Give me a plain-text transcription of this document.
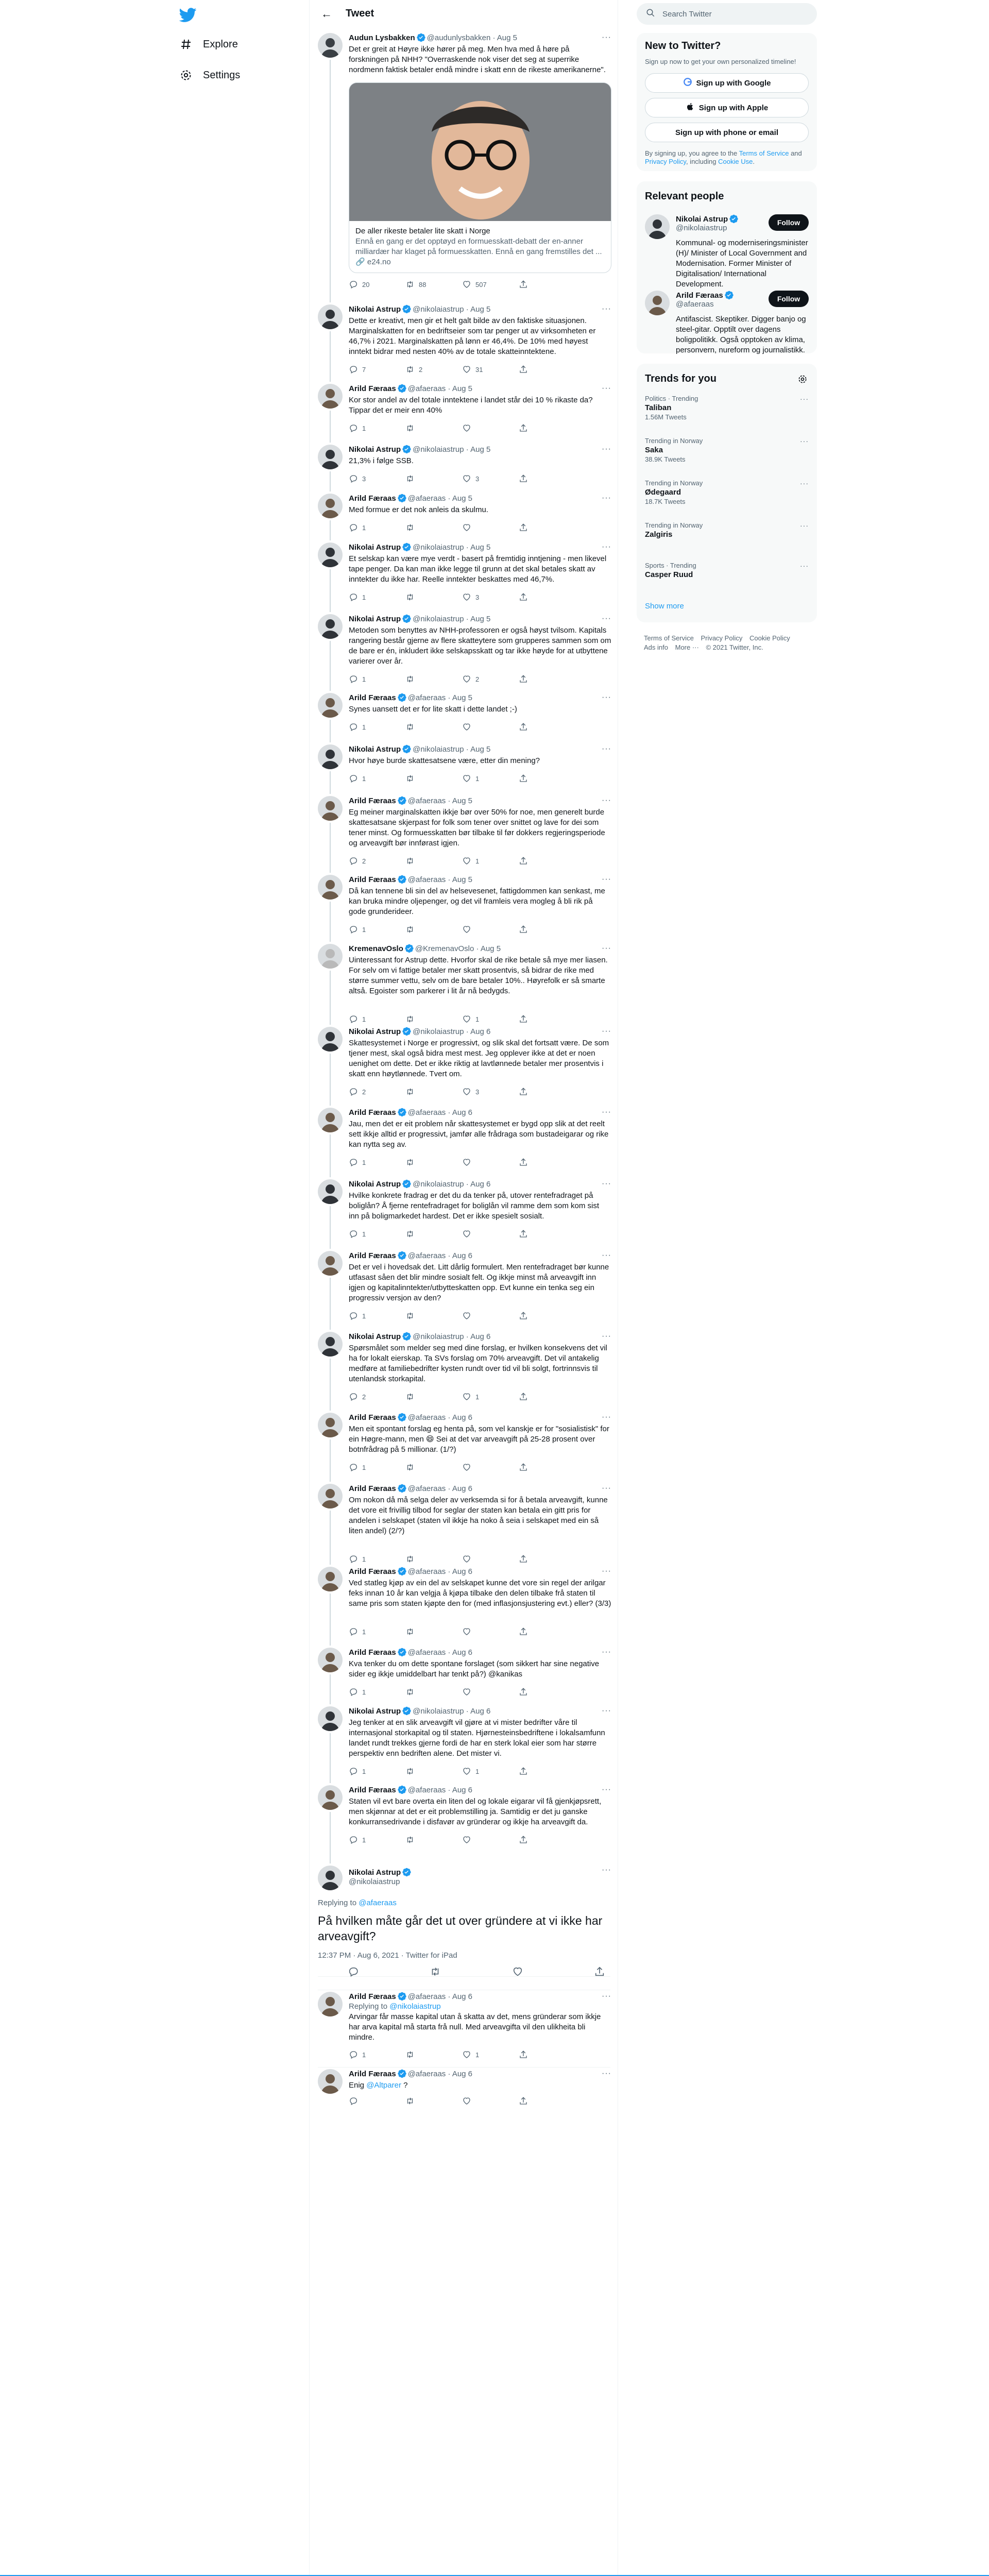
Explore
Settings
←	Tweet
Audun Lysbakken @audunlysbakken · Aug 5	···
Det er greit at Høyre ikke hører på meg. Men hva med å høre på forskningen på NHH? "Overraskende nok viser det seg at superrike nordmenn faktisk betaler endå mindre i skatt enn de rikeste amerikanerne".
De aller rikeste betaler lite skatt i Norge
Ennå en gang er det opptøyd en formuesskatt-debatt der en-anner milliardær har klaget på formuesskatten. Ennå en gang fremstilles det ...
🔗 e24.no
20	88	507
Nikolai Astrup @nikolaiastrup · Aug 5	···
Dette er kreativt, men gir et helt galt bilde av den faktiske situasjonen. Marginalskatten for en bedriftseier som tar penger ut av virksomheten er 46,7% i 2021. Marginalskatten på lønn er 46,4%. De 10% med høyest inntekt bidrar med nesten 40% av de totale skatteinntektene.
7	2	31
Arild Færaas @afaeraas · Aug 5	···
Kor stor andel av del totale inntektene i landet står dei 10 % rikaste da? Tippar det er meir enn 40%
1
Nikolai Astrup @nikolaiastrup · Aug 5	···
21,3% i følge SSB.
3	3
Arild Færaas @afaeraas · Aug 5	···
Med formue er det nok anleis da skulmu.
1
Nikolai Astrup @nikolaiastrup · Aug 5	···
Et selskap kan være mye verdt - basert på fremtidig inntjening - men likevel tape penger. Da kan man ikke legge til grunn at det skal betales skatt av inntekter du ikke har. Reelle inntekter beskattes med 46,7%.
1	3
Nikolai Astrup @nikolaiastrup · Aug 5	···
Metoden som benyttes av NHH-professoren er også høyst tvilsom. Kapitals rangering består gjerne av flere skatteytere som grupperes sammen som om de bare er én, inkludert ikke selskapsskatt og tar ikke høyde for at utbyttene varierer over år.
1	2
Arild Færaas @afaeraas · Aug 5	···
Synes uansett det er for lite skatt i dette landet ;-)
1
Nikolai Astrup @nikolaiastrup · Aug 5	···
Hvor høye burde skattesatsene være, etter din mening?
1	1
Arild Færaas @afaeraas · Aug 5	···
Eg meiner marginalskatten ikkje bør over 50% for noe, men generelt burde skattesatsane skjerpast for folk som tener over snittet og lave for dei som tener minst. Og formuesskatten bør tilbake til før dokkers regjeringsperiode og arveavgift bør innførast igjen.
2	1
Arild Færaas @afaeraas · Aug 5	···
Då kan tennene bli sin del av helsevesenet, fattigdommen kan senkast, me kan bruka mindre oljepenger, og det vil framleis vera mogleg å bli rik på gode grunderideer.
1
KremenavOslo @KremenavOslo · Aug 5	···
Uinteressant for Astrup dette. Hvorfor skal de rike betale så mye mer liasen. For selv om vi fattige betaler mer skatt prosentvis, så bidrar de rike med større summer vettu, selv om de bare betaler 10%.. Høyrefolk er så smarte altså. Egoister som parkerer i lit år nå bedygds.
1	1
Nikolai Astrup @nikolaiastrup · Aug 6	···
Skattesystemet i Norge er progressivt, og slik skal det fortsatt være. De som tjener mest, skal også bidra mest mest. Jeg opplever ikke at det er noen uenighet om dette. Det er ikke riktig at lavtlønnede betaler mer prosentvis i skatt enn høytlønnede. Tvert om.
2	3
Arild Færaas @afaeraas · Aug 6	···
Jau, men det er eit problem når skattesystemet er bygd opp slik at det reelt sett ikkje alltid er progressivt, jamfør alle frådraga som bustadeigarar og rike kan nytta seg av.
1
Nikolai Astrup @nikolaiastrup · Aug 6	···
Hvilke konkrete fradrag er det du da tenker på, utover rentefradraget på boliglån? Å fjerne rentefradraget for boliglån vil ramme dem som kom sist inn på boligmarkedet hardest. Det er ikke spesielt sosialt.
1
Arild Færaas @afaeraas · Aug 6	···
Det er vel i hovedsak det. Litt dårlig formulert. Men rentefradraget bør kunne utfasast såen det blir mindre sosialt felt. Og ikkje minst må arveavgift inn igjen og kapitalinntekter/utbytteskatten opp. Evt kunne ein tenka seg ein progressiv versjon av den?
1
Nikolai Astrup @nikolaiastrup · Aug 6	···
Spørsmålet som melder seg med dine forslag, er hvilken konsekvens det vil ha for lokalt eierskap. Ta SVs forslag om 70% arveavgift. Det vil antakelig medføre at familiebedrifter kysten rundt over tid vil bli solgt, fortrinnsvis til utenlandsk storkapital.
2	1
Arild Færaas @afaeraas · Aug 6	···
Men eit spontant forslag eg henta på, som vel kanskje er for "sosialistisk" for ein Høgre-mann, men 😄 Sei at det var arveavgift på 25-28 prosent over botnfrådrag på 5 millionar. (1/?)
1
Arild Færaas @afaeraas · Aug 6	···
Om nokon då må selga deler av verksemda si for å betala arveavgift, kunne det vore eit frivillig tilbod for seglar der staten kan betala ein gitt pris for andelen i selskapet (staten vil ikkje ha noko å seia i selskapet med ein så liten andel) (2/?)
1
Arild Færaas @afaeraas · Aug 6	···
Ved statleg kjøp av ein del av selskapet kunne det vore sin regel der arilgar feks innan 10 år kan velgja å kjøpa tilbake den delen tilbake frå staten til same pris som staten kjøpte den for (med inflasjonsjustering evt.) eller? (3/3)
1
Arild Færaas @afaeraas · Aug 6	···
Kva tenker du om dette spontane forslaget (som sikkert har sine negative sider eg ikkje umiddelbart har tenkt på?) @kanikas
1
Nikolai Astrup @nikolaiastrup · Aug 6	···
Jeg tenker at en slik arveavgift vil gjøre at vi mister bedrifter våre til internasjonal storkapital og til staten. Hjørnesteinsbedriftene i lokalsamfunn landet rundt trekkes gjerne fordi de har en sterk lokal eier som har større perspektiv enn bedriften alene. Det mister vi.
1	1
Arild Færaas @afaeraas · Aug 6	···
Staten vil evt bare overta ein liten del og lokale eigarar vil få gjenkjøpsrett, men skjønnar at det er eit problemstilling ja. Samtidig er det ju ganske konkurransedrivande i disfavør av gründerar og ikkje ha arveavgift da.
1
Nikolai Astrup
@nikolaiastrup
···
Replying to @afaeraas
På hvilken måte går det ut over gründere at vi ikke har arveavgift?
12:37 PM · Aug 6, 2021 · Twitter for iPad
Arild Færaas @afaeraas · Aug 6	···
Replying to @nikolaiastrup
Arvingar får masse kapital utan å skatta av det, mens gründerar som ikkje har arva kapital må starta frå null. Med arveavgifta vil den ulikheita bli mindre.
1	1
Arild Færaas @afaeraas · Aug 6	···
Enig @Altparer ?
Search Twitter
New to Twitter?
Sign up now to get your own personalized timeline!
Sign up with Google
Sign up with Apple
Sign up with phone or email
By signing up, you agree to the Terms of Service and Privacy Policy, including Cookie Use.
Relevant people
Nikolai Astrup
@nikolaiastrup
Follow
Kommunal- og moderniseringsminister (H)/ Minister of Local Government and Modernisation. Former Minister of Digitalisation/ International Development.
Arild Færaas
@afaeraas
Follow
Antifascist. Skeptiker. Digger banjo og steel-gitar. Opptilt over dagens boligpolitikk. Også opptoken av klima, personvern, nureform og journalistikk.
Trends for you
Politics · Trending
Taliban
1.56M Tweets
···
Trending in Norway
Saka
38.9K Tweets
···
Trending in Norway
Ødegaard
18.7K Tweets
···
Trending in Norway
Zalgiris
···
Sports · Trending
Casper Ruud
···
Show more
Terms of Service Privacy Policy Cookie Policy
Ads info More ··· © 2021 Twitter, Inc.
